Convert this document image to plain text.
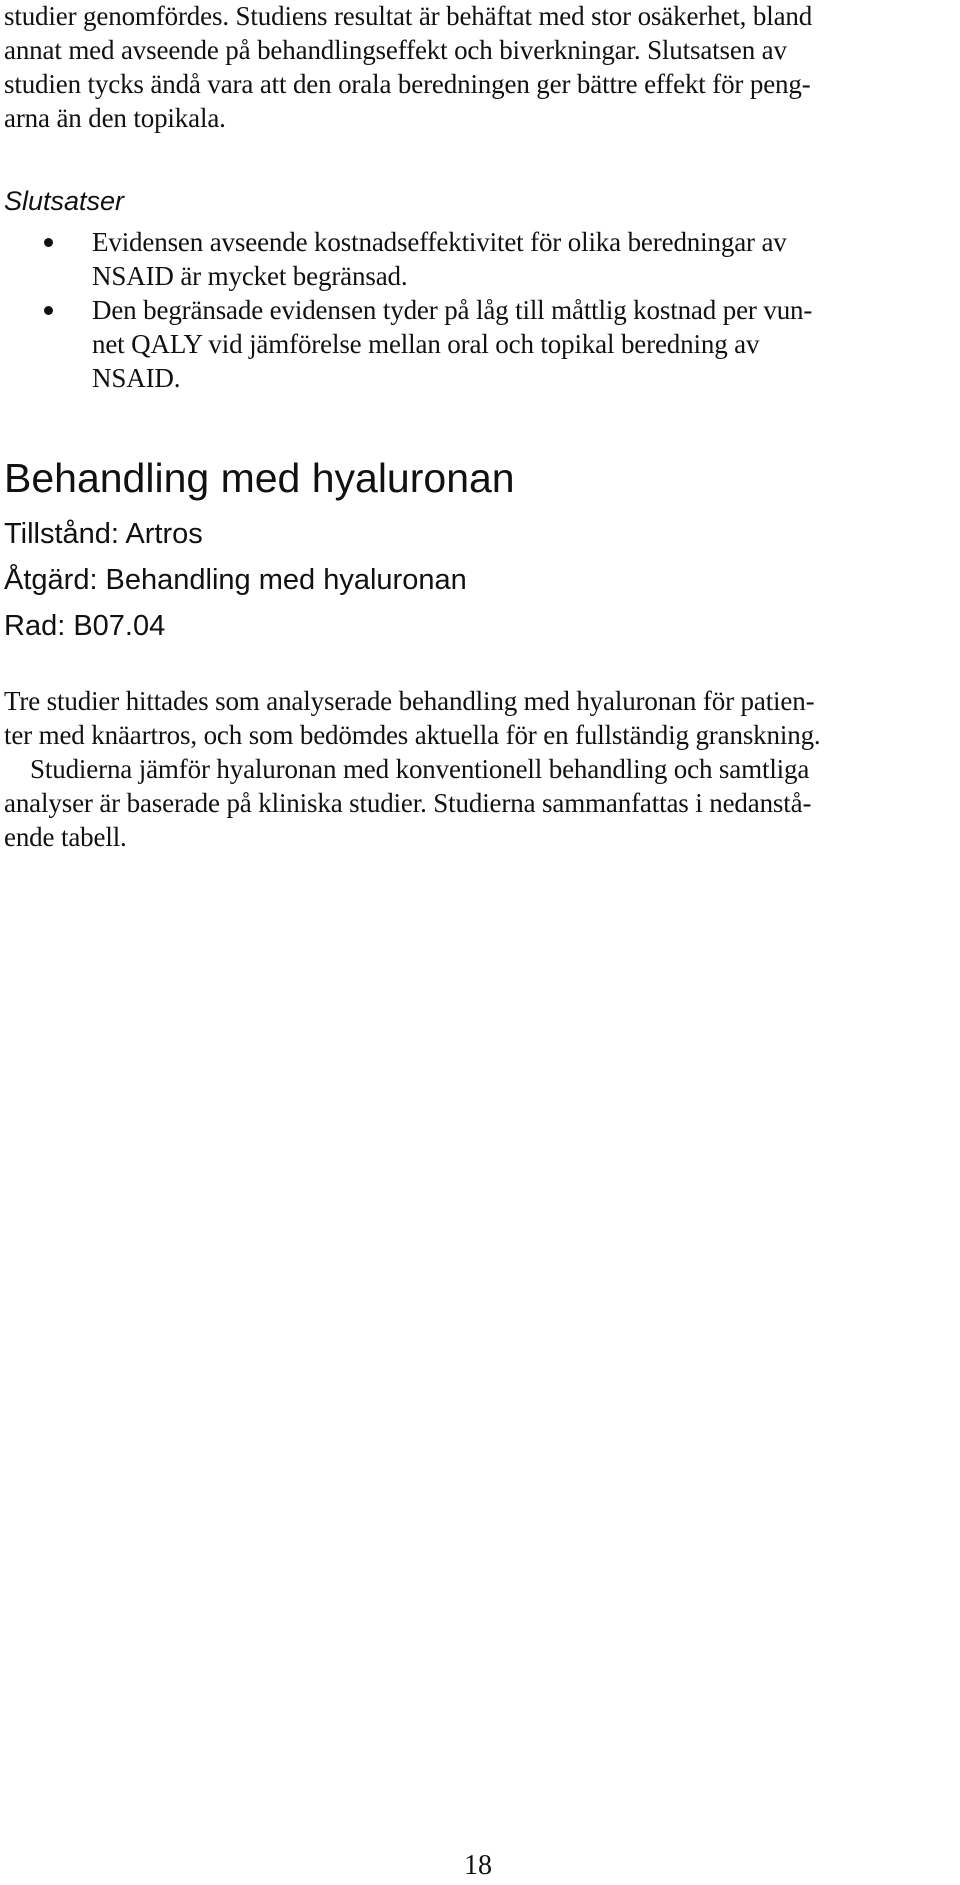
studier genomfördes. Studiens resultat är behäftat med stor osäkerhet, bland
annat med avseende på behandlingseffekt och biverkningar. Slutsatsen av
studien tycks ändå vara att den orala beredningen ger bättre effekt för peng-
arna än den topikala.
Slutsatser
Evidensen avseende kostnadseffektivitet för olika beredningar av
NSAID är mycket begränsad.
Den begränsade evidensen tyder på låg till måttlig kostnad per vun-
net QALY vid jämförelse mellan oral och topikal beredning av
NSAID.
Behandling med hyaluronan
Tillstånd: Artros
Åtgärd: Behandling med hyaluronan
Rad: B07.04
Tre studier hittades som analyserade behandling med hyaluronan för patien-
ter med knäartros, och som bedömdes aktuella för en fullständig granskning.
Studierna jämför hyaluronan med konventionell behandling och samtliga
analyser är baserade på kliniska studier. Studierna sammanfattas i nedanstå-
ende tabell.
18
